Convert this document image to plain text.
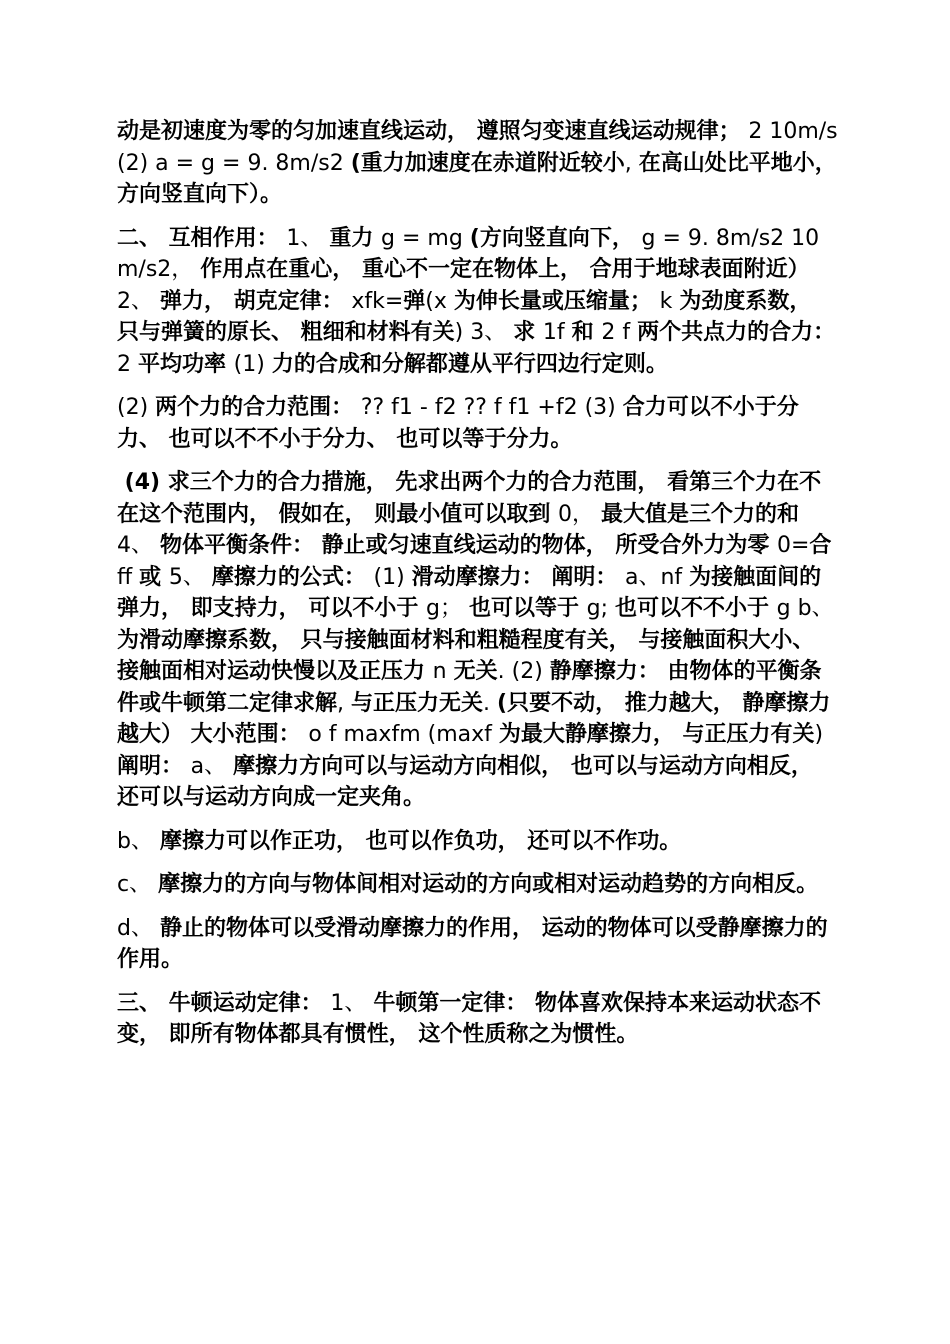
动是初速度为零的匀加速直线运动， 遵照匀变速直线运动规律； 2 10m/s(2) a = g = 9. 8m/s2 (重力加速度在赤道附近较小, 在高山处比平地小， 方向竖直向下）。

二、 互相作用： 1、 重力 g = mg (方向竖直向下， g = 9. 8m/s2 10m/s2， 作用点在重心， 重心不一定在物体上， 合用于地球表面附近） 2、 弹力， 胡克定律： xfk=弹(x 为伸长量或压缩量； k 为劲度系数， 只与弹簧的原长、 粗细和材料有关) 3、 求 1f 和 2 f 两个共点力的合力： 2 平均功率 (1) 力的合成和分解都遵从平行四边行定则。

(2) 两个力的合力范围： ?? f1 - f2 ?? f f1 +f2 (3) 合力可以不小于分力、 也可以不不小于分力、 也可以等于分力。

(4) 求三个力的合力措施， 先求出两个力的合力范围， 看第三个力在不在这个范围内， 假如在， 则最小值可以取到 0， 最大值是三个力的和 4、 物体平衡条件： 静止或匀速直线运动的物体， 所受合外力为零 0=合 ff 或 5、 摩擦力的公式： (1) 滑动摩擦力： 阐明： a、nf 为接触面间的弹力， 即支持力， 可以不小于 g； 也可以等于 g; 也可以不不小于 g b、 为滑动摩擦系数， 只与接触面材料和粗糙程度有关， 与接触面积大小、 接触面相对运动快慢以及正压力 n 无关. (2) 静摩擦力： 由物体的平衡条件或牛顿第二定律求解, 与正压力无关. (只要不动， 推力越大， 静摩擦力越大） 大小范围： o f maxfm (maxf 为最大静摩擦力， 与正压力有关) 阐明： a、 摩擦力方向可以与运动方向相似， 也可以与运动方向相反， 还可以与运动方向成一定夹角。

b、 摩擦力可以作正功， 也可以作负功， 还可以不作功。

c、 摩擦力的方向与物体间相对运动的方向或相对运动趋势的方向相反。

d、 静止的物体可以受滑动摩擦力的作用， 运动的物体可以受静摩擦力的作用。

三、 牛顿运动定律： 1、 牛顿第一定律： 物体喜欢保持本来运动状态不变， 即所有物体都具有惯性， 这个性质称之为惯性。
